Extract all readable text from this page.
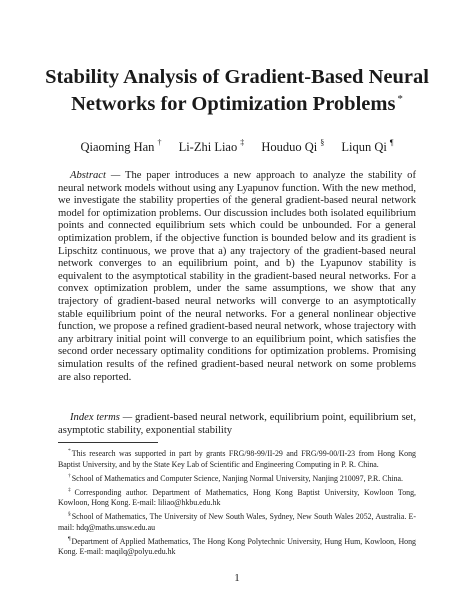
Stability Analysis of Gradient-Based Neural Networks for Optimization Problems *
Qiaoming Han † Li-Zhi Liao ‡ Houduo Qi § Liqun Qi ¶

Abstract — The paper introduces a new approach to analyze the stability of neural network models without using any Lyapunov function. With the new method, we investigate the stability properties of the general gradient-based neural network model for optimization problems. Our discussion includes both isolated equilibrium points and connected equilibrium sets which could be unbounded. For a general optimization problem, if the objective function is bounded below and its gradient is Lipschitz continuous, we prove that a) any trajectory of the gradient-based neural network converges to an equilibrium point, and b) the Lyapunov stability is equivalent to the asymptotical stability in the gradient-based neural networks. For a convex optimization problem, under the same assumptions, we show that any trajectory of gradient-based neural networks will converge to an asymptotically stable equilibrium point of the neural networks. For a general nonlinear objective function, we propose a refined gradient-based neural network, whose trajectory with any arbitrary initial point will converge to an equilibrium point, which satisfies the second order necessary optimality conditions for optimization problems. Promising simulation results of the refined gradient-based neural network on some problems are also reported.

Index terms — gradient-based neural network, equilibrium point, equilibrium set, asymptotic stability, exponential stability

*This research was supported in part by grants FRG/98-99/II-29 and FRG/99-00/II-23 from Hong Kong Baptist University, and by the State Key Lab of Scientific and Engineering Computing in P. R. China.

†School of Mathematics and Computer Science, Nanjing Normal University, Nanjing 210097, P.R. China.

‡Corresponding author. Department of Mathematics, Hong Kong Baptist University, Kowloon Tong, Kowloon, Hong Kong. E-mail: liliao@hkbu.edu.hk

§School of Mathematics, The University of New South Wales, Sydney, New South Wales 2052, Australia. E-mail: hdq@maths.unsw.edu.au

¶Department of Applied Mathematics, The Hong Kong Polytechnic University, Hung Hum, Kowloon, Hong Kong. E-mail: maqilq@polyu.edu.hk

1
